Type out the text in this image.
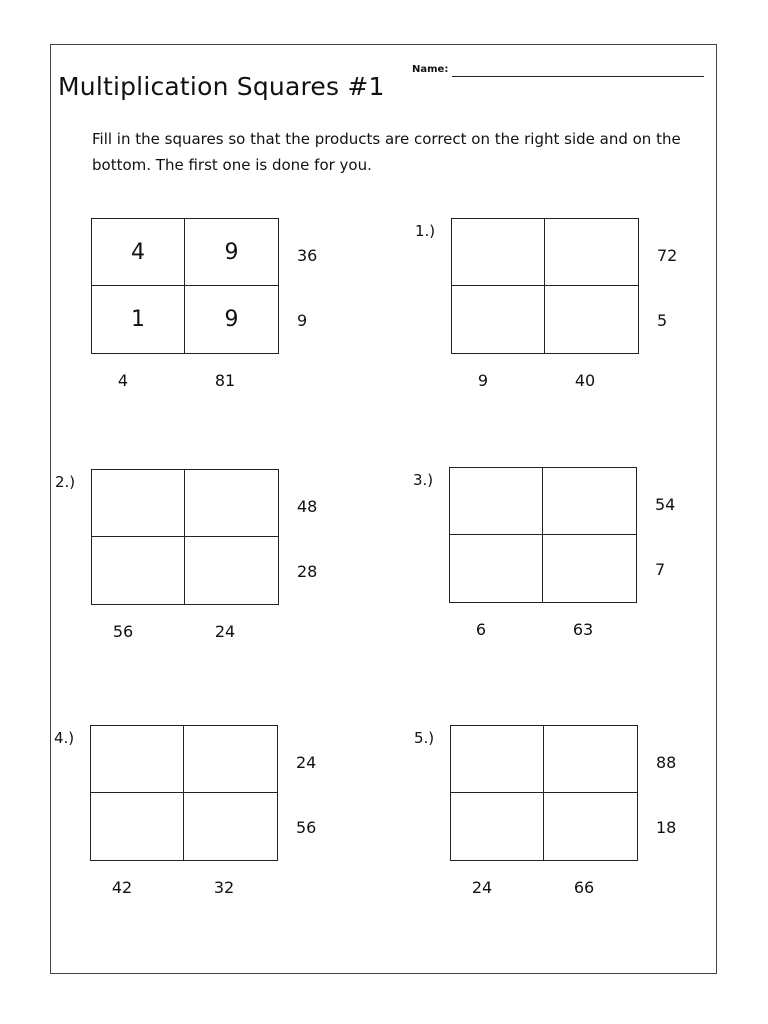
Multiplication Squares #1
Name:
Fill in the squares so that the products are correct on the right side and on the bottom. The first one is done for you.
4	9
1	9
36
9
4	81
1.)
72
5
9	40
2.)
48
28
56	24
3.)
54
7
6	63
4.)
24
56
42	32
5.)
88
18
24	66
